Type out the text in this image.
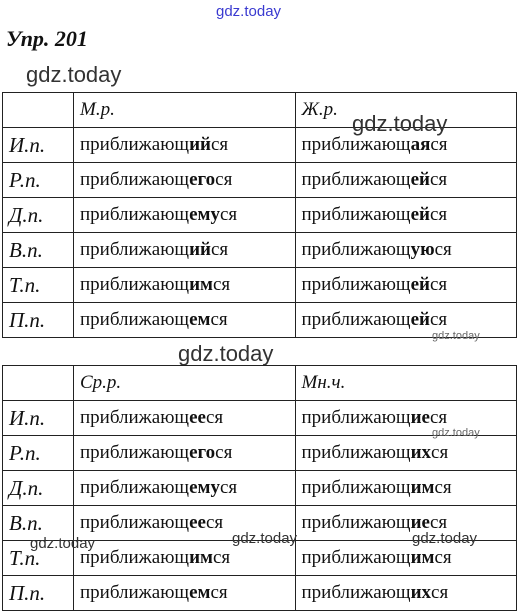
gdz.today
Упр. 201
gdz.today
	М.р.	Ж.р.
И.п.	приближающийся	приближающаяся
Р.п.	приближающегося	приближающейся
Д.п.	приближающемуся	приближающейся
В.п.	приближающийся	приближающуюся
Т.п.	приближающимся	приближающейся
П.п.	приближающемся	приближающейся
gdz.today
gdz.today
gdz.today
	Ср.р.	Мн.ч.
И.п.	приближающееся	приближающиеся
Р.п.	приближающегося	приближающихся
Д.п.	приближающемуся	приближающимся
В.п.	приближающееся	приближающиеся
Т.п.	приближающимся	приближающимся
П.п.	приближающемся	приближающихся
gdz.today
gdz.today	gdz.today	gdz.today
